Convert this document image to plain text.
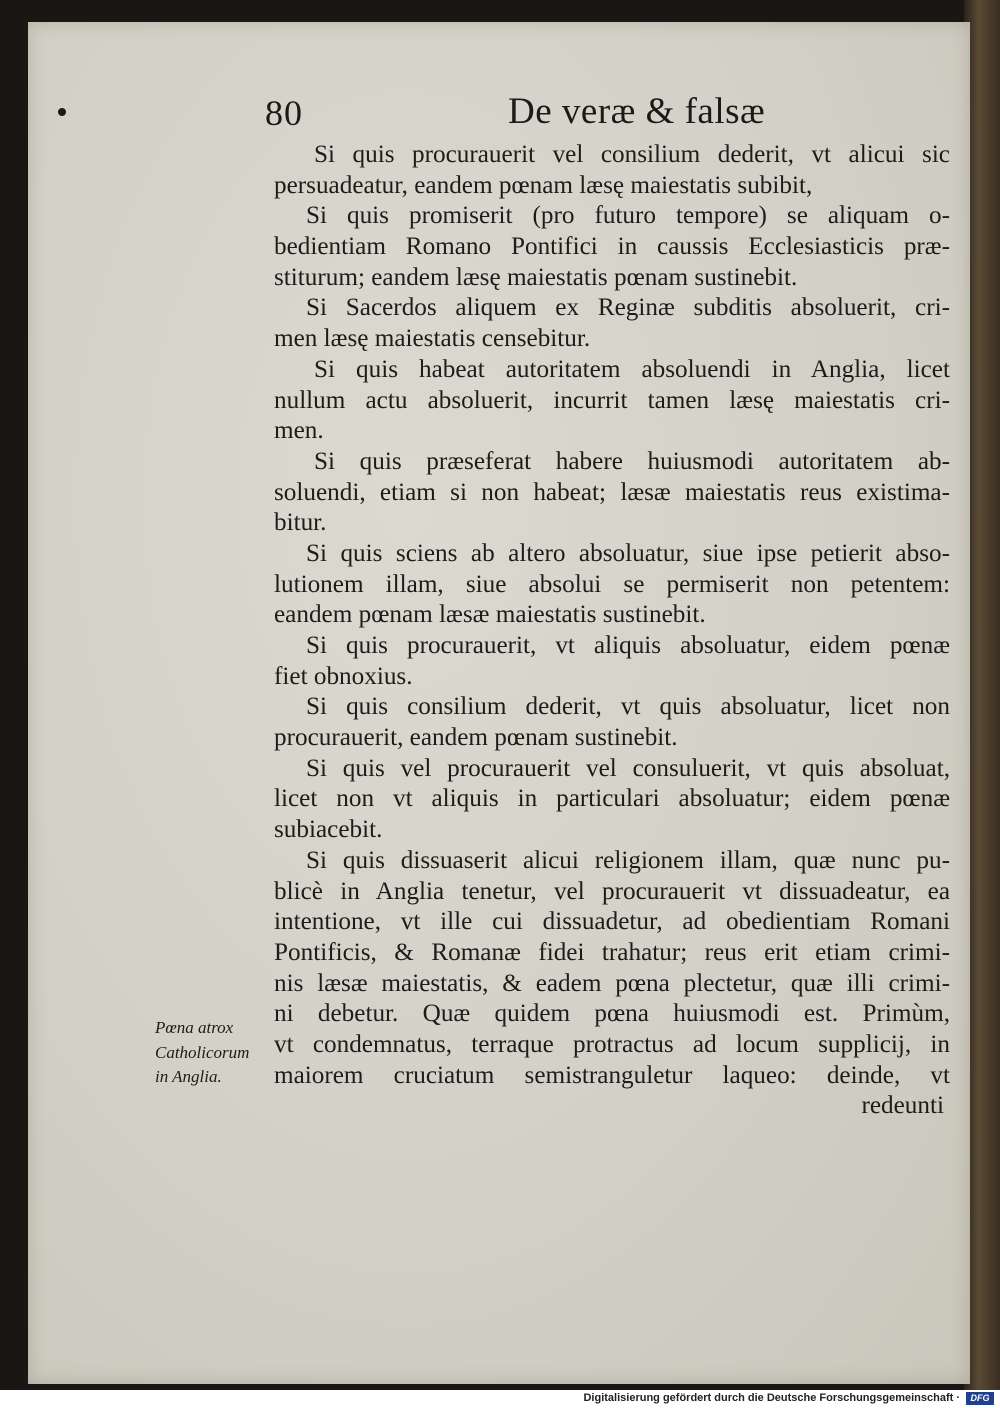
80	De veræ & falsæ
Si quis procurauerit vel consilium dederit, vt alicui sic
persuadeatur, eandem pœnam læsę maiestatis subibit,
Si quis promiserit (pro futuro tempore) se aliquam o-
bedientiam Romano Pontifici in caussis Ecclesiasticis præ-
stiturum; eandem læsę maiestatis pœnam sustinebit.
Si Sacerdos aliquem ex Reginæ subditis absoluerit, cri-
men læsę maiestatis censebitur.
Si quis habeat autoritatem absoluendi in Anglia, licet
nullum actu absoluerit, incurrit tamen læsę maiestatis cri-
men.
Si quis præseferat habere huiusmodi autoritatem ab-
soluendi, etiam si non habeat; læsæ maiestatis reus existima-
bitur.
Si quis sciens ab altero absoluatur, siue ipse petierit abso-
lutionem illam, siue absolui se permiserit non petentem:
eandem pœnam læsæ maiestatis sustinebit.
Si quis procurauerit, vt aliquis absoluatur, eidem pœnæ
fiet obnoxius.
Si quis consilium dederit, vt quis absoluatur, licet non
procurauerit, eandem pœnam sustinebit.
Si quis vel procurauerit vel consuluerit, vt quis absoluat,
licet non vt aliquis in particulari absoluatur; eidem pœnæ
subiacebit.
Si quis dissuaserit alicui religionem illam, quæ nunc pu-
blicè in Anglia tenetur, vel procurauerit vt dissuadeatur, ea
intentione, vt ille cui dissuadetur, ad obedientiam Romani
Pontificis, & Romanæ fidei trahatur; reus erit etiam crimi-
nis læsæ maiestatis, & eadem pœna plectetur, quæ illi crimi-
ni debetur. Quæ quidem pœna huiusmodi est. Primùm,
vt condemnatus, terraque protractus ad locum supplicij, in
maiorem cruciatum semistranguletur laqueo: deinde, vt
redeunti
Pœna atrox
Catholicorum
in Anglia.
Digitalisierung gefördert durch die Deutsche Forschungsgemeinschaft ·	DFG
